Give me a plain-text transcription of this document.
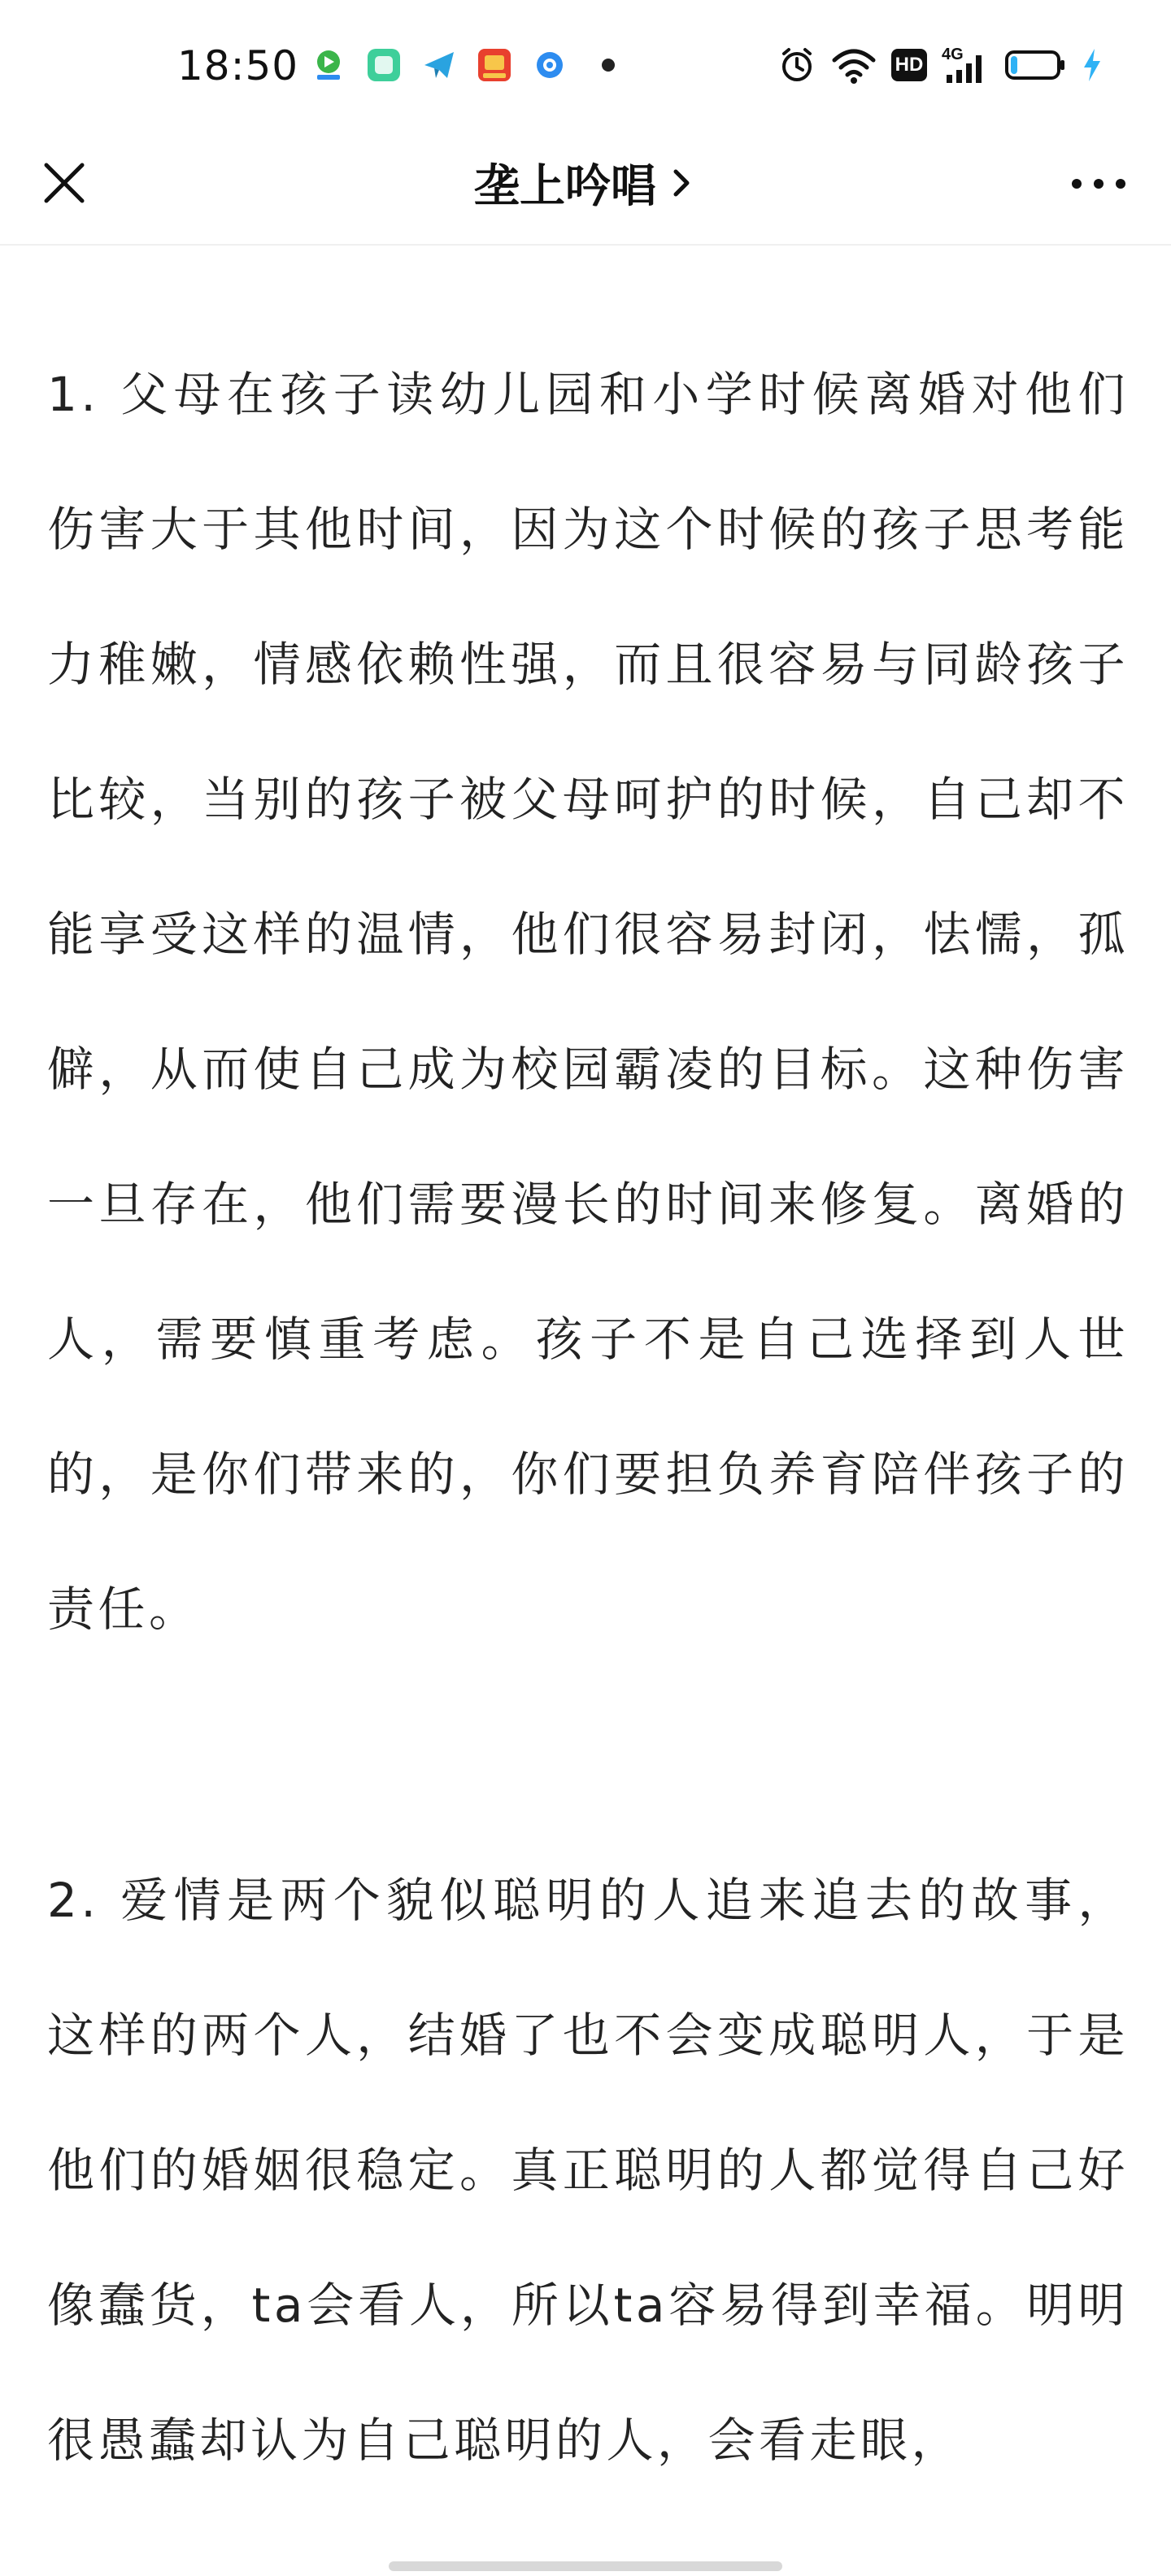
18:50	HD 4G
垄上吟唱

1. 父母在孩子读幼儿园和小学时候离婚对他们伤害大于其他时间，因为这个时候的孩子思考能力稚嫩，情感依赖性强，而且很容易与同龄孩子比较，当别的孩子被父母呵护的时候，自己却不能享受这样的温情，他们很容易封闭，怯懦，孤僻，从而使自己成为校园霸凌的目标。这种伤害一旦存在，他们需要漫长的时间来修复。离婚的人，需要慎重考虑。孩子不是自己选择到人世的，是你们带来的，你们要担负养育陪伴孩子的责任。

2. 爱情是两个貌似聪明的人追来追去的故事，这样的两个人，结婚了也不会变成聪明人，于是他们的婚姻很稳定。真正聪明的人都觉得自己好像蠢货，ta会看人，所以ta容易得到幸福。明明很愚蠢却认为自己聪明的人，会看走眼，
